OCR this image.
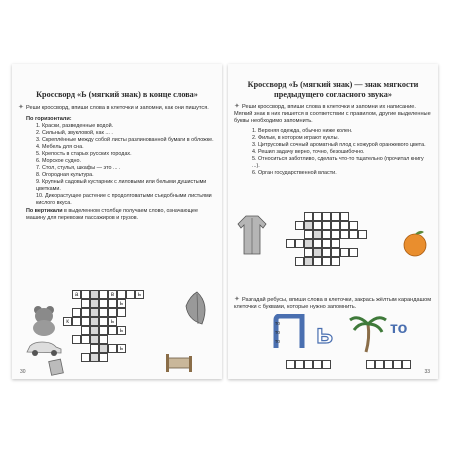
Кроссворд «Ь (мягкий знак) в конце слова»
✦ Реши кроссворд, впиши слова в клеточки и запомни, как они пишутся.
По горизонтали:
1. Краски, разведенные водой.
2. Сильный, звукловой, как ... .
3. Скреплённые между собой листы разлинованной бумаги в обложке.
4. Мебель для сна.
5. Крепость в старых русских городах.
6. Морское судно.
7. Стол, стулья, шкафы — это ... .
8. Огородная культура.
9. Крупный садовый кустарник с лиловыми или белыми душистыми цветками.
10. Дикорастущее растение с продолговатыми съедобными листьями кислого вкуса.
По вертикали в выделенном столбце получаем слово, означающее машину для перевозки пассажиров и грузов.
а	в	ь
ь
к	ь
ь
ь
30
Кроссворд «Ь (мягкий знак) — знак мягкости предыдущего согласного звука»
✦ Реши кроссворд, впиши слова в клеточки и запомни их написание. Мягкий знак в них пишется в соответствии с правилом, другие выделенные буквы необходимо запомнить.
1. Верхняя одежда, обычно ниже колен.
2. Фильм, в котором играют куклы.
3. Цитрусовый сочный ароматный плод с кожурой оранжевого цвета.
4. Решил задачу верно, точно, безошибочно.
5. Относиться заботливо, сделать что-то тщательно (прочитал книгу ...).
6. Орган государственной власти.
✦ Разгадай ребусы, впиши слова в клеточки, закрась жёлтым карандашом клеточки с буквами, которые нужно запомнить.
то
то
то ь	то
33
